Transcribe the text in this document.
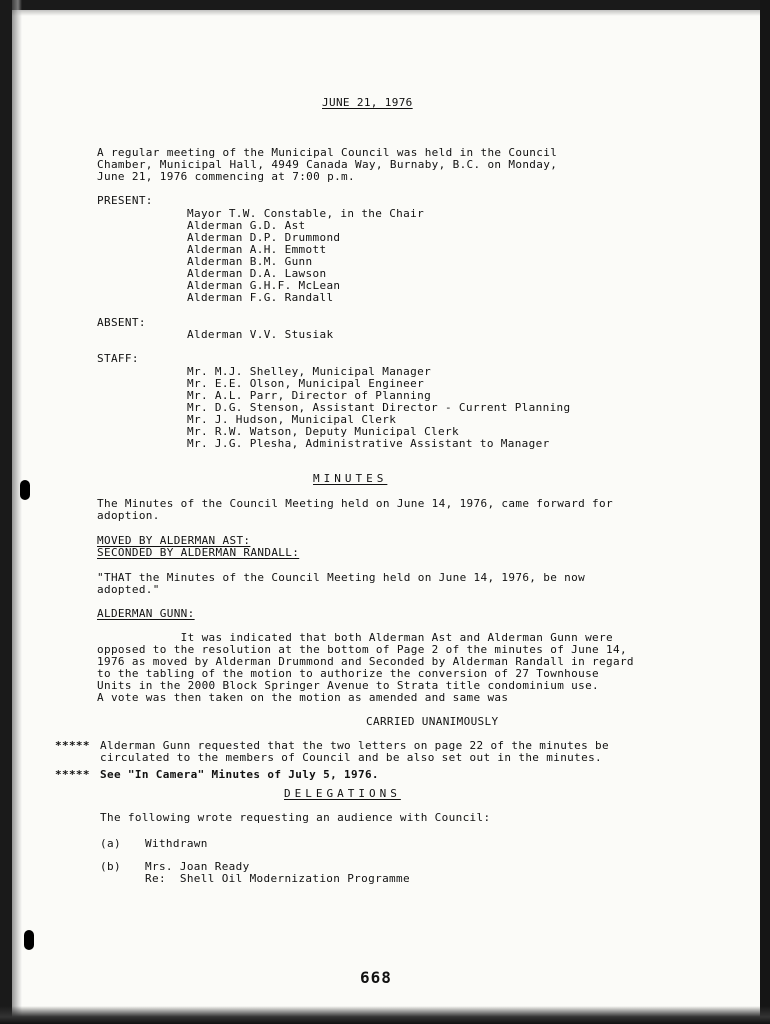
JUNE 21, 1976
A regular meeting of the Municipal Council was held in the Council
Chamber, Municipal Hall, 4949 Canada Way, Burnaby, B.C. on Monday,
June 21, 1976 commencing at 7:00 p.m.
PRESENT:
Mayor T.W. Constable, in the Chair
Alderman G.D. Ast
Alderman D.P. Drummond
Alderman A.H. Emmott
Alderman B.M. Gunn
Alderman D.A. Lawson
Alderman G.H.F. McLean
Alderman F.G. Randall
ABSENT:
Alderman V.V. Stusiak
STAFF:
Mr. M.J. Shelley, Municipal Manager
Mr. E.E. Olson, Municipal Engineer
Mr. A.L. Parr, Director of Planning
Mr. D.G. Stenson, Assistant Director - Current Planning
Mr. J. Hudson, Municipal Clerk
Mr. R.W. Watson, Deputy Municipal Clerk
Mr. J.G. Plesha, Administrative Assistant to Manager
MINUTES
The Minutes of the Council Meeting held on June 14, 1976, came forward for
adoption.
MOVED BY ALDERMAN AST:
SECONDED BY ALDERMAN RANDALL:
"THAT the Minutes of the Council Meeting held on June 14, 1976, be now
adopted."
ALDERMAN GUNN:
It was indicated that both Alderman Ast and Alderman Gunn were
opposed to the resolution at the bottom of Page 2 of the minutes of June 14,
1976 as moved by Alderman Drummond and Seconded by Alderman Randall in regard
to the tabling of the motion to authorize the conversion of 27 Townhouse
Units in the 2000 Block Springer Avenue to Strata title condominium use.
A vote was then taken on the motion as amended and same was
CARRIED UNANIMOUSLY
***** Alderman Gunn requested that the two letters on page 22 of the minutes be
circulated to the members of Council and be also set out in the minutes.
***** See "In Camera" Minutes of July 5, 1976.
DELEGATIONS
The following wrote requesting an audience with Council:
(a) Withdrawn
(b) Mrs. Joan Ready
Re:  Shell Oil Modernization Programme
668
